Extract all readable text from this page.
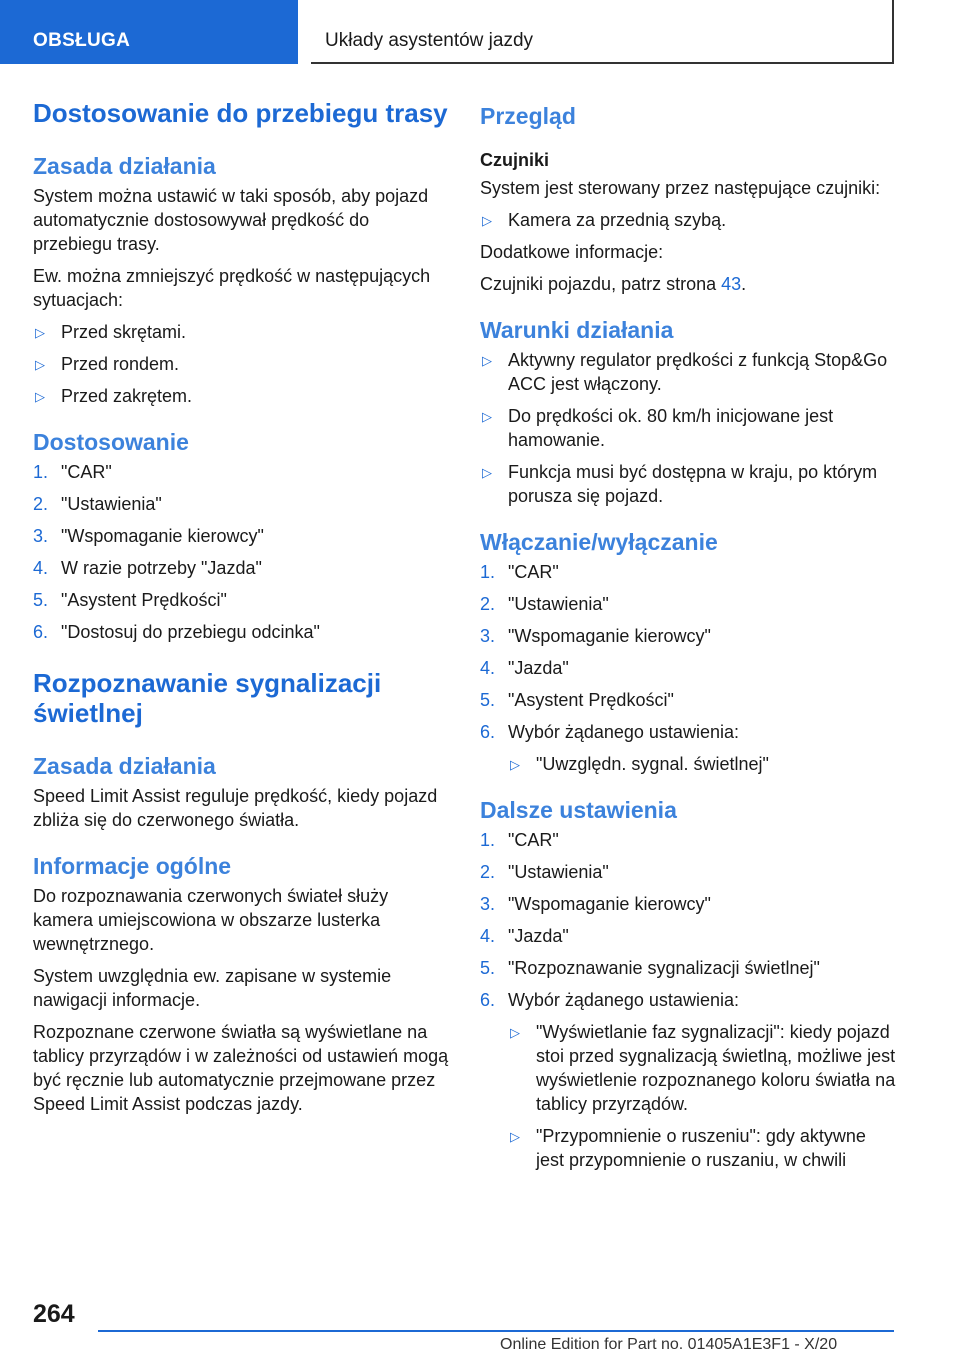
OBSŁUGA	Układy asystentów jazdy
Dostosowanie do przebiegu trasy
Zasada działania

System można ustawić w taki sposób, aby pojazd automatycznie dostosowywał prędkość do przebiegu trasy.

Ew. można zmniejszyć prędkość w następujących sytuacjach:

▷ Przed skrętami.
▷ Przed rondem.
▷ Przed zakrętem.
Dostosowanie
1. "CAR"
2. "Ustawienia"
3. "Wspomaganie kierowcy"
4. W razie potrzeby "Jazda"
5. "Asystent Prędkości"
6. "Dostosuj do przebiegu odcinka"
Rozpoznawanie sygnalizacji świetlnej
Zasada działania

Speed Limit Assist reguluje prędkość, kiedy pojazd zbliża się do czerwonego światła.

Informacje ogólne

Do rozpoznawania czerwonych świateł służy kamera umiejscowiona w obszarze lusterka wewnętrznego.

System uwzględnia ew. zapisane w systemie nawigacji informacje.

Rozpoznane czerwone światła są wyświetlane na tablicy przyrządów i w zależności od ustawień mogą być ręcznie lub automatycznie przejmowane przez Speed Limit Assist podczas jazdy.

Przegląd
Czujniki

System jest sterowany przez następujące czujniki:

▷ Kamera za przednią szybą.

Dodatkowe informacje:

Czujniki pojazdu, patrz strona 43.

Warunki działania
▷ Aktywny regulator prędkości z funkcją Stop&Go ACC jest włączony.
▷ Do prędkości ok. 80 km/h inicjowane jest hamowanie.
▷ Funkcja musi być dostępna w kraju, po którym porusza się pojazd.
Włączanie/wyłączanie
1. "CAR"
2. "Ustawienia"
3. "Wspomaganie kierowcy"
4. "Jazda"
5. "Asystent Prędkości"
6. Wybór żądanego ustawienia:
▷ "Uwzględn. sygnal. świetlnej"
Dalsze ustawienia
1. "CAR"
2. "Ustawienia"
3. "Wspomaganie kierowcy"
4. "Jazda"
5. "Rozpoznawanie sygnalizacji świetlnej"
6. Wybór żądanego ustawienia:
▷ "Wyświetlanie faz sygnalizacji": kiedy pojazd stoi przed sygnalizacją świetlną, możliwe jest wyświetlenie rozpoznanego koloru światła na tablicy przyrządów.
▷ "Przypomnienie o ruszeniu": gdy aktywne jest przypomnienie o ruszaniu, w chwili
264
Online Edition for Part no. 01405A1E3F1 - X/20
